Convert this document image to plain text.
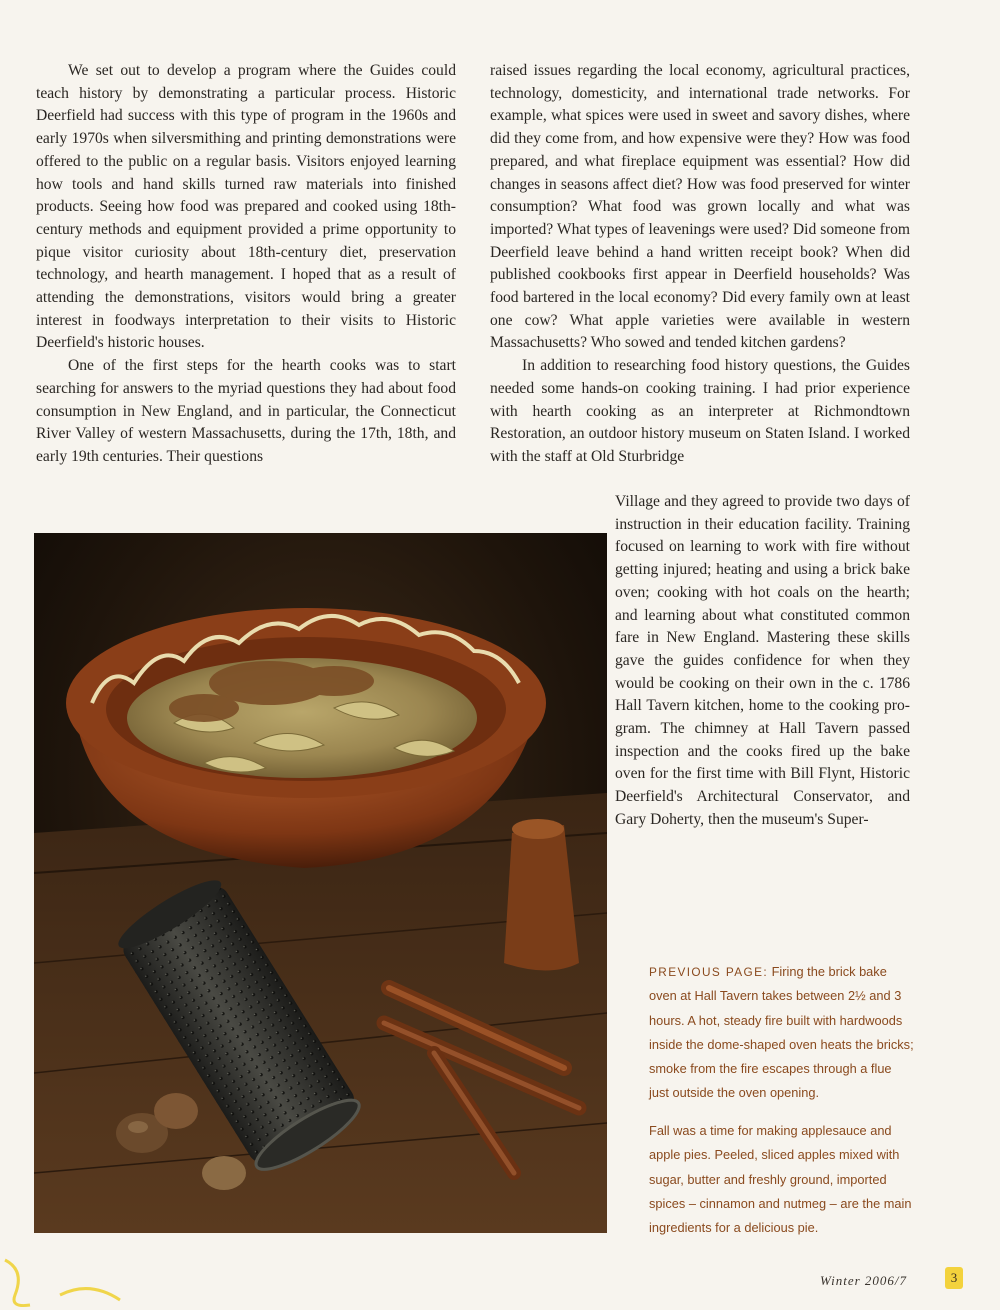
We set out to develop a program where the Guides could teach history by demonstrating a particular process. Historic Deerfield had success with this type of program in the 1960s and early 1970s when silversmithing and printing demonstrations were offered to the public on a regular basis. Visitors enjoyed learning how tools and hand skills turned raw materials into finished products. Seeing how food was prepared and cooked using 18th-century methods and equipment provided a prime opportunity to pique visitor curiosity about 18th-century diet, preservation technology, and hearth management. I hoped that as a result of attending the demonstrations, visitors would bring a greater interest in foodways interpretation to their visits to Historic Deerfield's historic houses.

One of the first steps for the hearth cooks was to start searching for answers to the myriad questions they had about food consumption in New England, and in particular, the Connecticut River Valley of western Massachusetts, during the 17th, 18th, and early 19th centuries. Their questions

raised issues regarding the local economy, agricultural practices, technology, domesticity, and international trade networks. For example, what spices were used in sweet and savory dishes, where did they come from, and how expensive were they? How was food prepared, and what fireplace equipment was essential? How did changes in seasons affect diet? How was food preserved for winter consumption? What food was grown locally and what was imported? What types of leavenings were used? Did someone from Deerfield leave behind a hand written receipt book? When did published cookbooks first appear in Deerfield households? Was food bartered in the local economy? Did every family own at least one cow? What apple varieties were available in western Massachusetts? Who sowed and tended kitchen gardens?

In addition to researching food history questions, the Guides needed some hands-on cooking training. I had prior experience with hearth cooking as an interpreter at Richmondtown Restoration, an outdoor history museum on Staten Island. I worked with the staff at Old Sturbridge

Village and they agreed to provide two days of instruction in their education facility. Training focused on learning to work with fire without getting injured; heating and using a brick bake oven; cooking with hot coals on the hearth; and learning about what constituted common fare in New England. Mastering these skills gave the guides confidence for when they would be cooking on their own in the c. 1786 Hall Tavern kitchen, home to the cooking program. The chimney at Hall Tavern passed inspection and the cooks fired up the bake oven for the first time with Bill Flynt, Historic Deerfield's Architectural Conservator, and Gary Doherty, then the museum's Super-

PREVIOUS PAGE: Firing the brick bake oven at Hall Tavern takes between 2½ and 3 hours. A hot, steady fire built with hardwoods inside the dome-shaped oven heats the bricks; smoke from the fire escapes through a flue just outside the oven opening.
Fall was a time for making applesauce and apple pies. Peeled, sliced apples mixed with sugar, butter and freshly ground, imported spices – cinnamon and nutmeg – are the main ingredients for a delicious pie.
Winter 2006/7	3
